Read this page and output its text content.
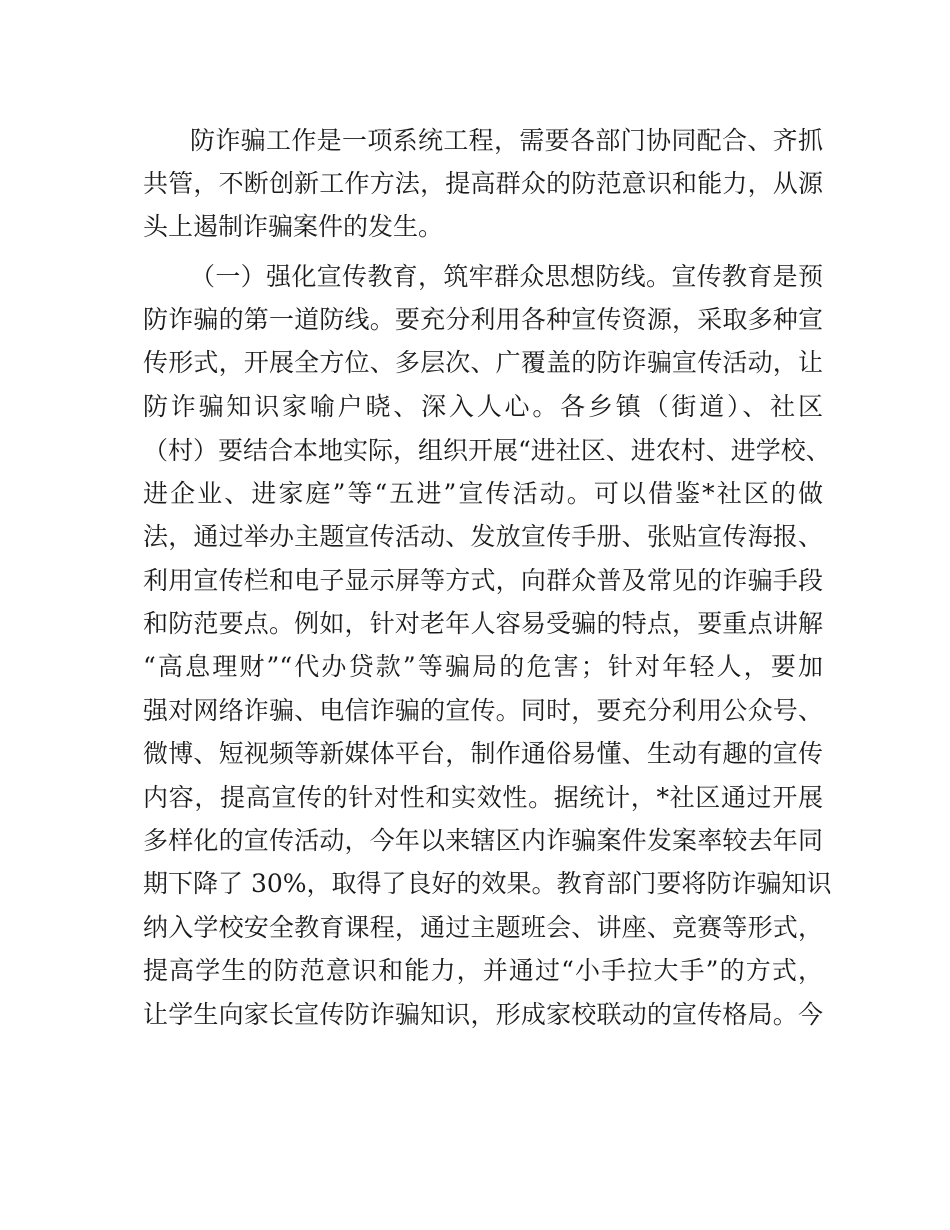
防诈骗工作是一项系统工程，需要各部门协同配合、齐抓
共管，不断创新工作方法，提高群众的防范意识和能力，从源
头上遏制诈骗案件的发生。
（一）强化宣传教育，筑牢群众思想防线。宣传教育是预
防诈骗的第一道防线。要充分利用各种宣传资源，采取多种宣
传形式，开展全方位、多层次、广覆盖的防诈骗宣传活动，让
防诈骗知识家喻户晓、深入人心。各乡镇（街道）、社区
（村）要结合本地实际，组织开展“进社区、进农村、进学校、
进企业、进家庭”等“五进”宣传活动。可以借鉴*社区的做
法，通过举办主题宣传活动、发放宣传手册、张贴宣传海报、
利用宣传栏和电子显示屏等方式，向群众普及常见的诈骗手段
和防范要点。例如，针对老年人容易受骗的特点，要重点讲解
“高息理财”“代办贷款”等骗局的危害；针对年轻人，要加
强对网络诈骗、电信诈骗的宣传。同时，要充分利用公众号、
微博、短视频等新媒体平台，制作通俗易懂、生动有趣的宣传
内容，提高宣传的针对性和实效性。据统计，*社区通过开展
多样化的宣传活动，今年以来辖区内诈骗案件发案率较去年同
期下降了 30%，取得了良好的效果。教育部门要将防诈骗知识
纳入学校安全教育课程，通过主题班会、讲座、竞赛等形式，
提高学生的防范意识和能力，并通过“小手拉大手”的方式，
让学生向家长宣传防诈骗知识，形成家校联动的宣传格局。今
